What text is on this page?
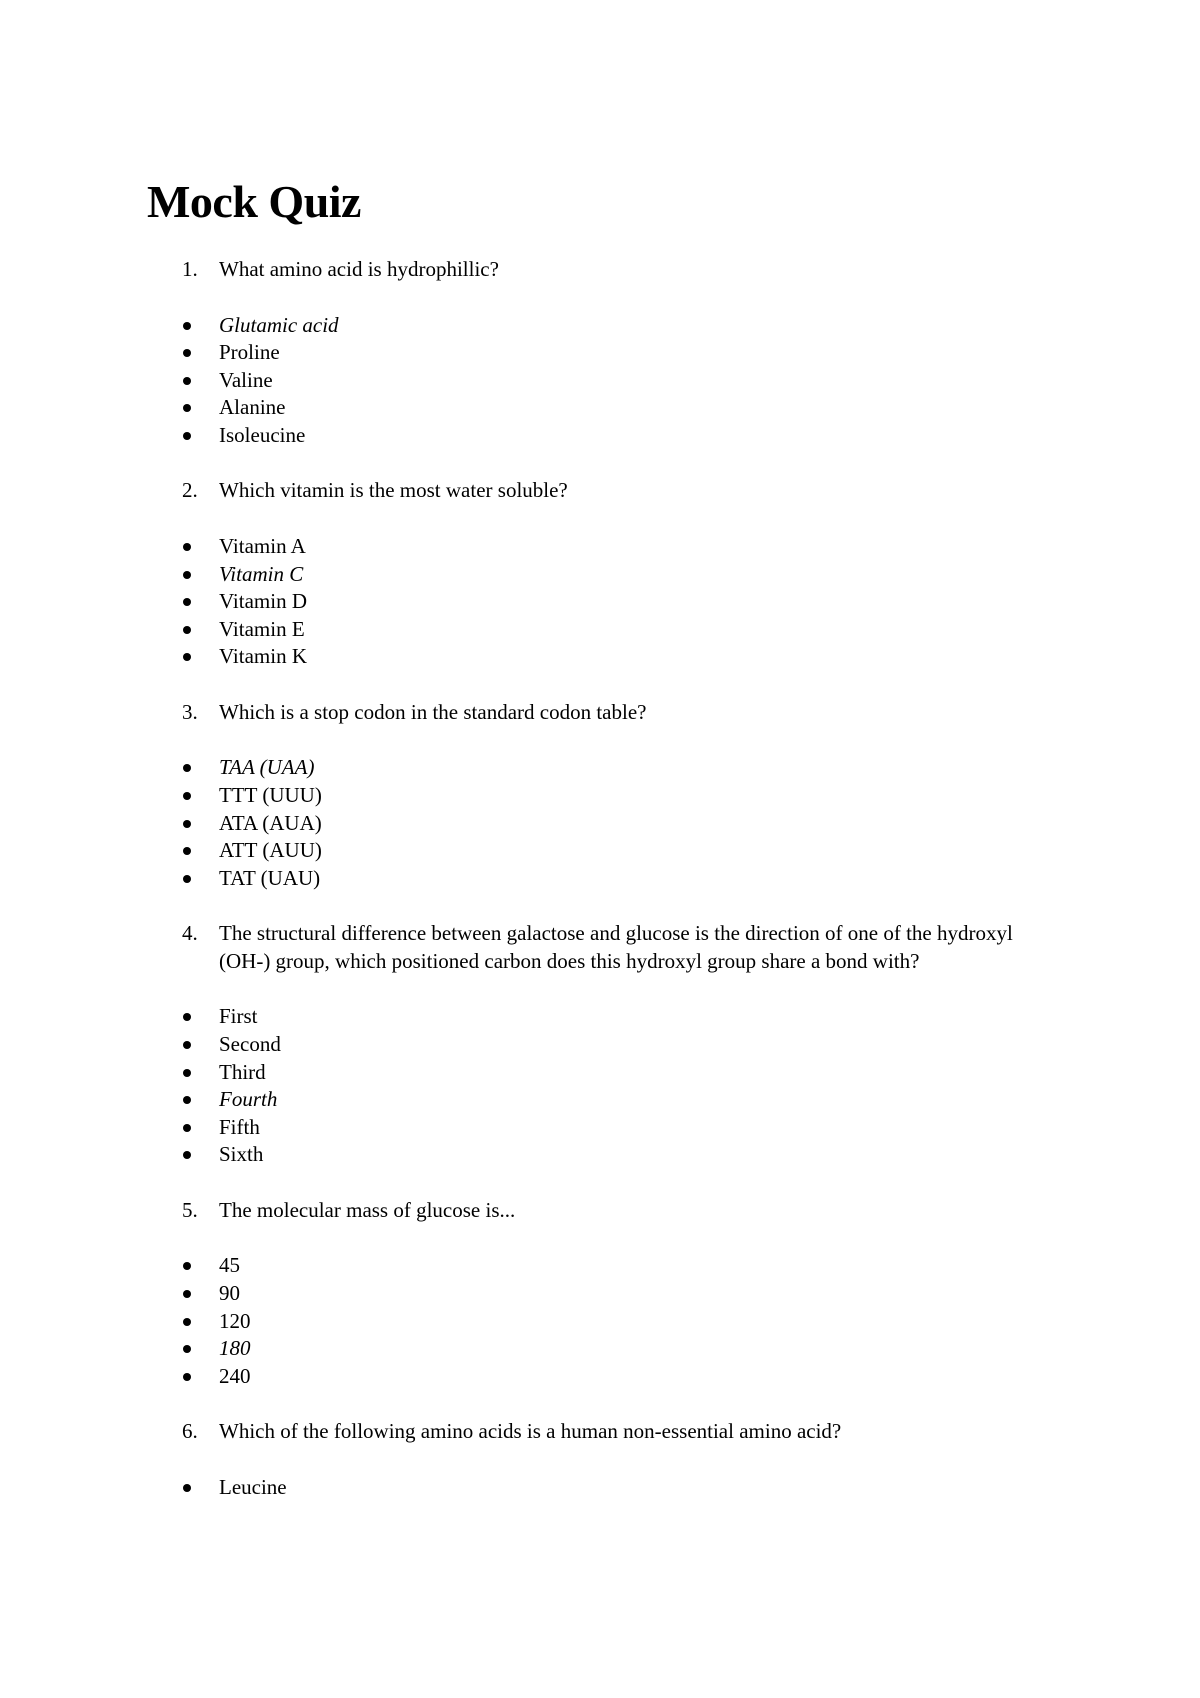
Mock Quiz
1. What amino acid is hydrophillic?
Glutamic acid
Proline
Valine
Alanine
Isoleucine
2. Which vitamin is the most water soluble?
Vitamin A
Vitamin C
Vitamin D
Vitamin E
Vitamin K
3. Which is a stop codon in the standard codon table?
TAA (UAA)
TTT (UUU)
ATA (AUA)
ATT (AUU)
TAT (UAU)
4. The structural difference between galactose and glucose is the direction of one of the hydroxyl (OH-) group, which positioned carbon does this hydroxyl group share a bond with?
First
Second
Third
Fourth
Fifth
Sixth
5. The molecular mass of glucose is...
45
90
120
180
240
6. Which of the following amino acids is a human non-essential amino acid?
Leucine
